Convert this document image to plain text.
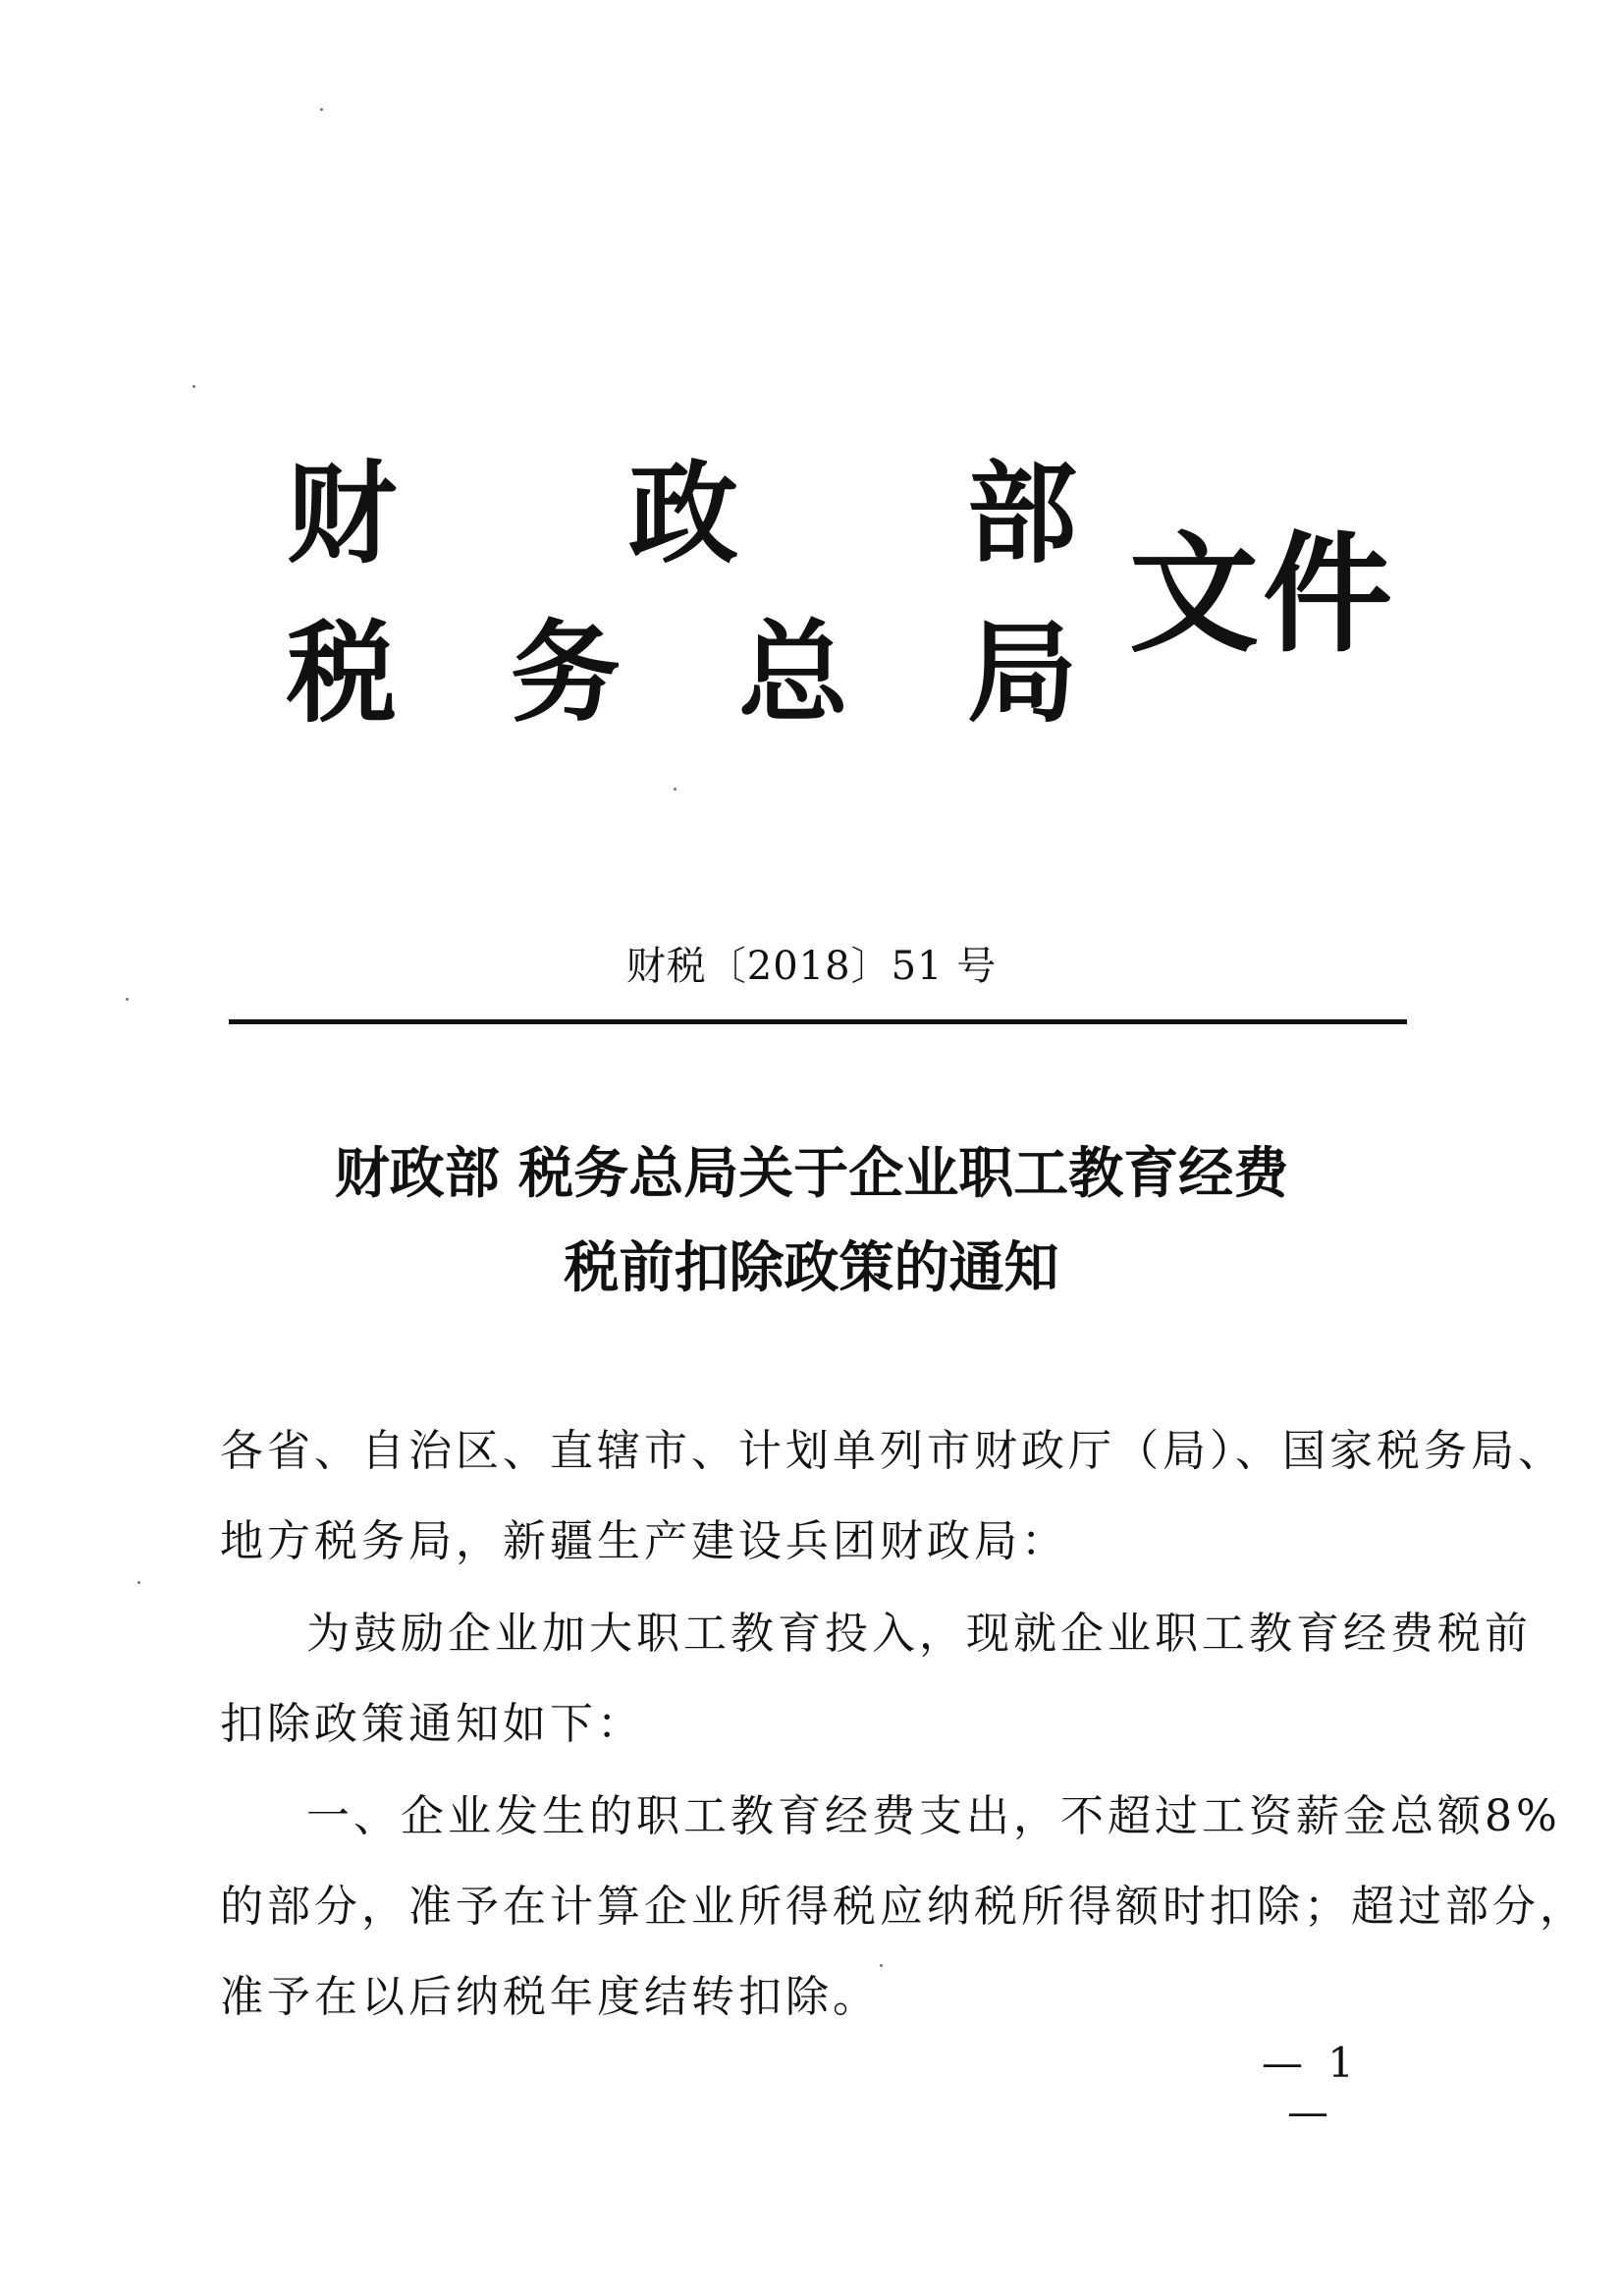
财 政 部
税 务 总 局
文件
财税〔2018〕51 号
财政部 税务总局关于企业职工教育经费
税前扣除政策的通知
各省、自治区、直辖市、计划单列市财政厅（局）、国家税务局、
地方税务局，新疆生产建设兵团财政局：
为鼓励企业加大职工教育投入，现就企业职工教育经费税前
扣除政策通知如下：
一、企业发生的职工教育经费支出，不超过工资薪金总额8%
的部分，准予在计算企业所得税应纳税所得额时扣除；超过部分，
准予在以后纳税年度结转扣除。
— 1 —
